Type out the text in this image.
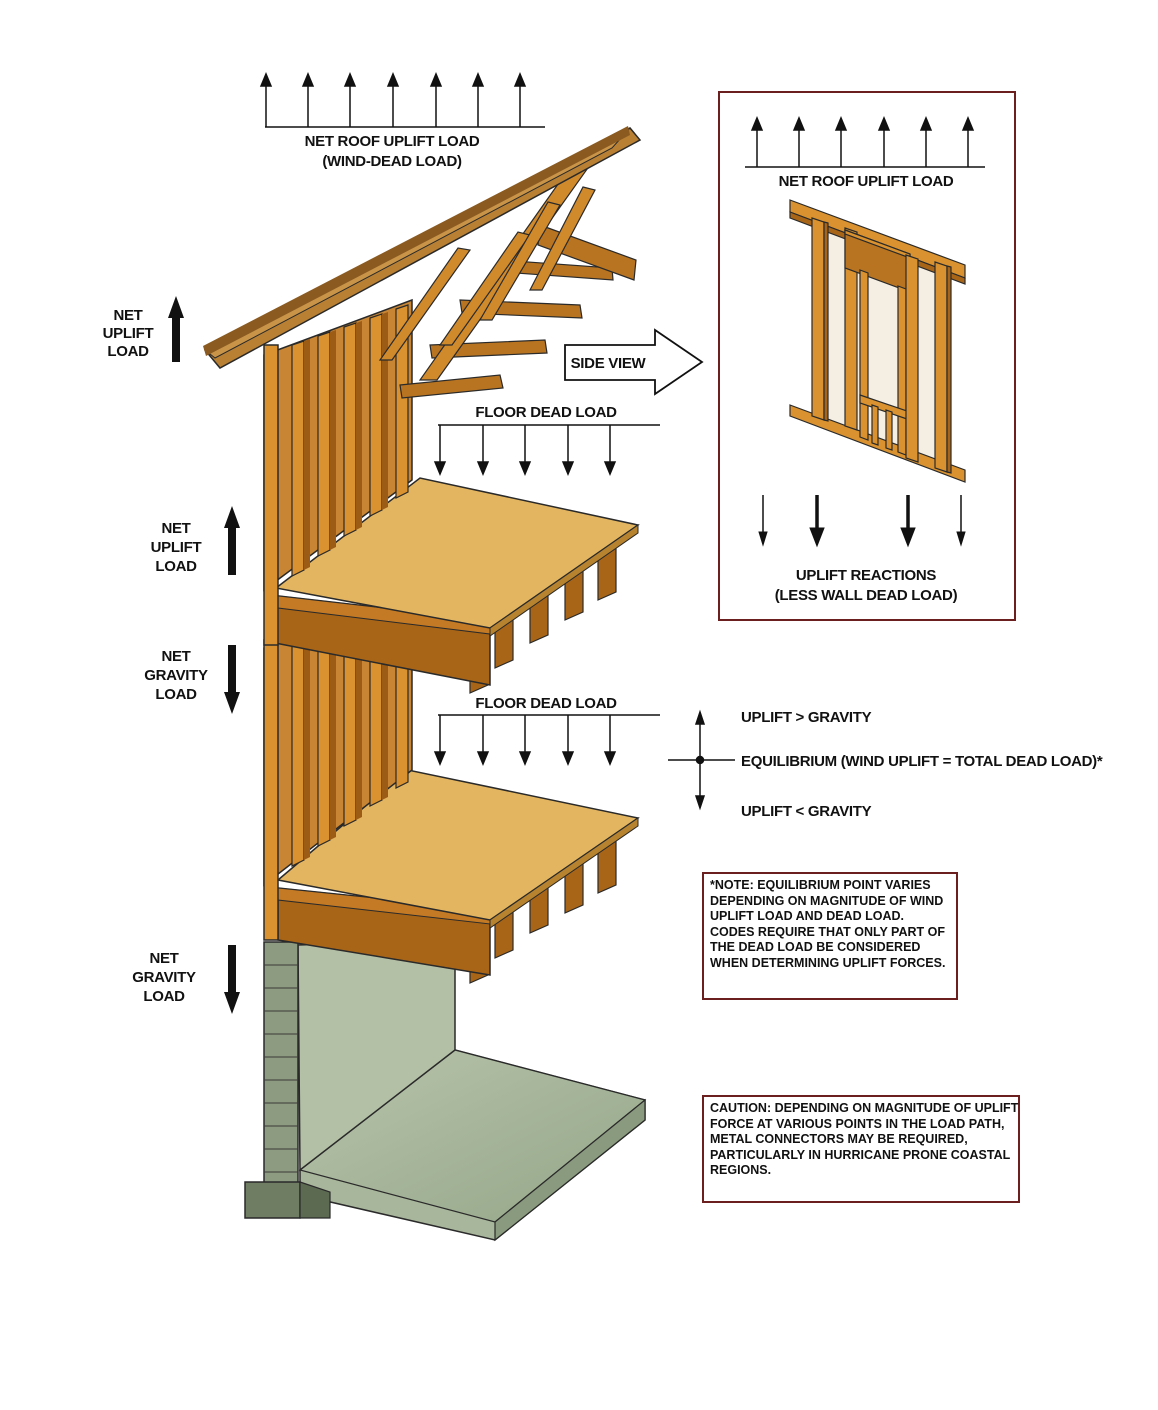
NET ROOF UPLIFT LOAD
(WIND-DEAD LOAD)
NET
UPLIFT
LOAD
NET
UPLIFT
LOAD
NET
GRAVITY
LOAD
NET
GRAVITY
LOAD
FLOOR DEAD LOAD
FLOOR DEAD LOAD
SIDE VIEW
NET ROOF UPLIFT LOAD
UPLIFT REACTIONS
(LESS WALL DEAD LOAD)
UPLIFT > GRAVITY
EQUILIBRIUM (WIND UPLIFT = TOTAL DEAD LOAD)*
UPLIFT < GRAVITY
*NOTE: EQUILIBRIUM POINT VARIES
DEPENDING ON MAGNITUDE OF WIND
UPLIFT LOAD AND DEAD LOAD.
CODES REQUIRE THAT ONLY PART OF
THE DEAD LOAD BE CONSIDERED
WHEN DETERMINING UPLIFT FORCES.
CAUTION: DEPENDING ON MAGNITUDE OF UPLIFT
FORCE AT VARIOUS POINTS IN THE LOAD PATH,
METAL CONNECTORS MAY BE REQUIRED,
PARTICULARLY IN HURRICANE PRONE COASTAL
REGIONS.
